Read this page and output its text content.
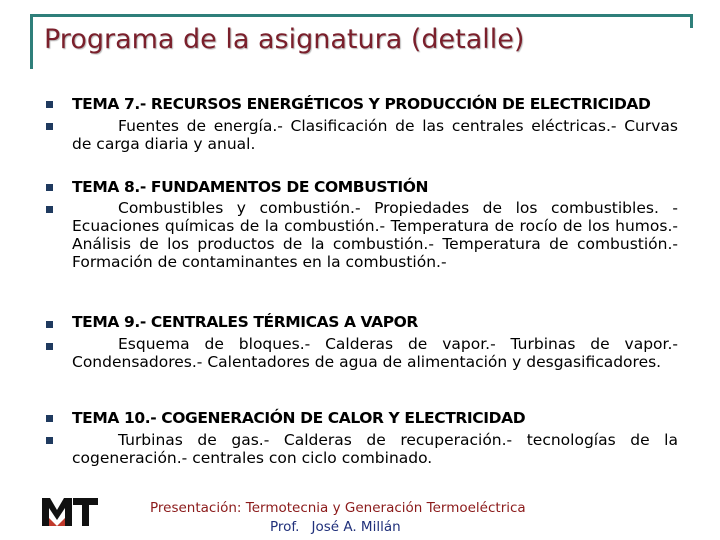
Programa de la asignatura (detalle)
TEMA 7.- RECURSOS ENERGÉTICOS Y PRODUCCIÓN DE ELECTRICIDAD
Fuentes de energía.- Clasificación de las centrales eléctricas.- Curvas de carga diaria y anual.
TEMA 8.- FUNDAMENTOS DE COMBUSTIÓN
Combustibles y combustión.- Propiedades de los combustibles. - Ecuaciones químicas de la combustión.- Temperatura de rocío de los humos.- Análisis de los productos de la combustión.- Temperatura de combustión.- Formación de contaminantes en la combustión.-
TEMA 9.- CENTRALES TÉRMICAS A VAPOR
Esquema de bloques.- Calderas de vapor.- Turbinas de vapor.- Condensadores.- Calentadores de agua de alimentación y desgasificadores.
TEMA 10.- COGENERACIÓN DE CALOR Y ELECTRICIDAD
Turbinas de gas.- Calderas de recuperación.- tecnologías de la cogeneración.- centrales con ciclo combinado.
Presentación: Termotecnia y Generación Termoeléctrica
Prof. José A. Millán
